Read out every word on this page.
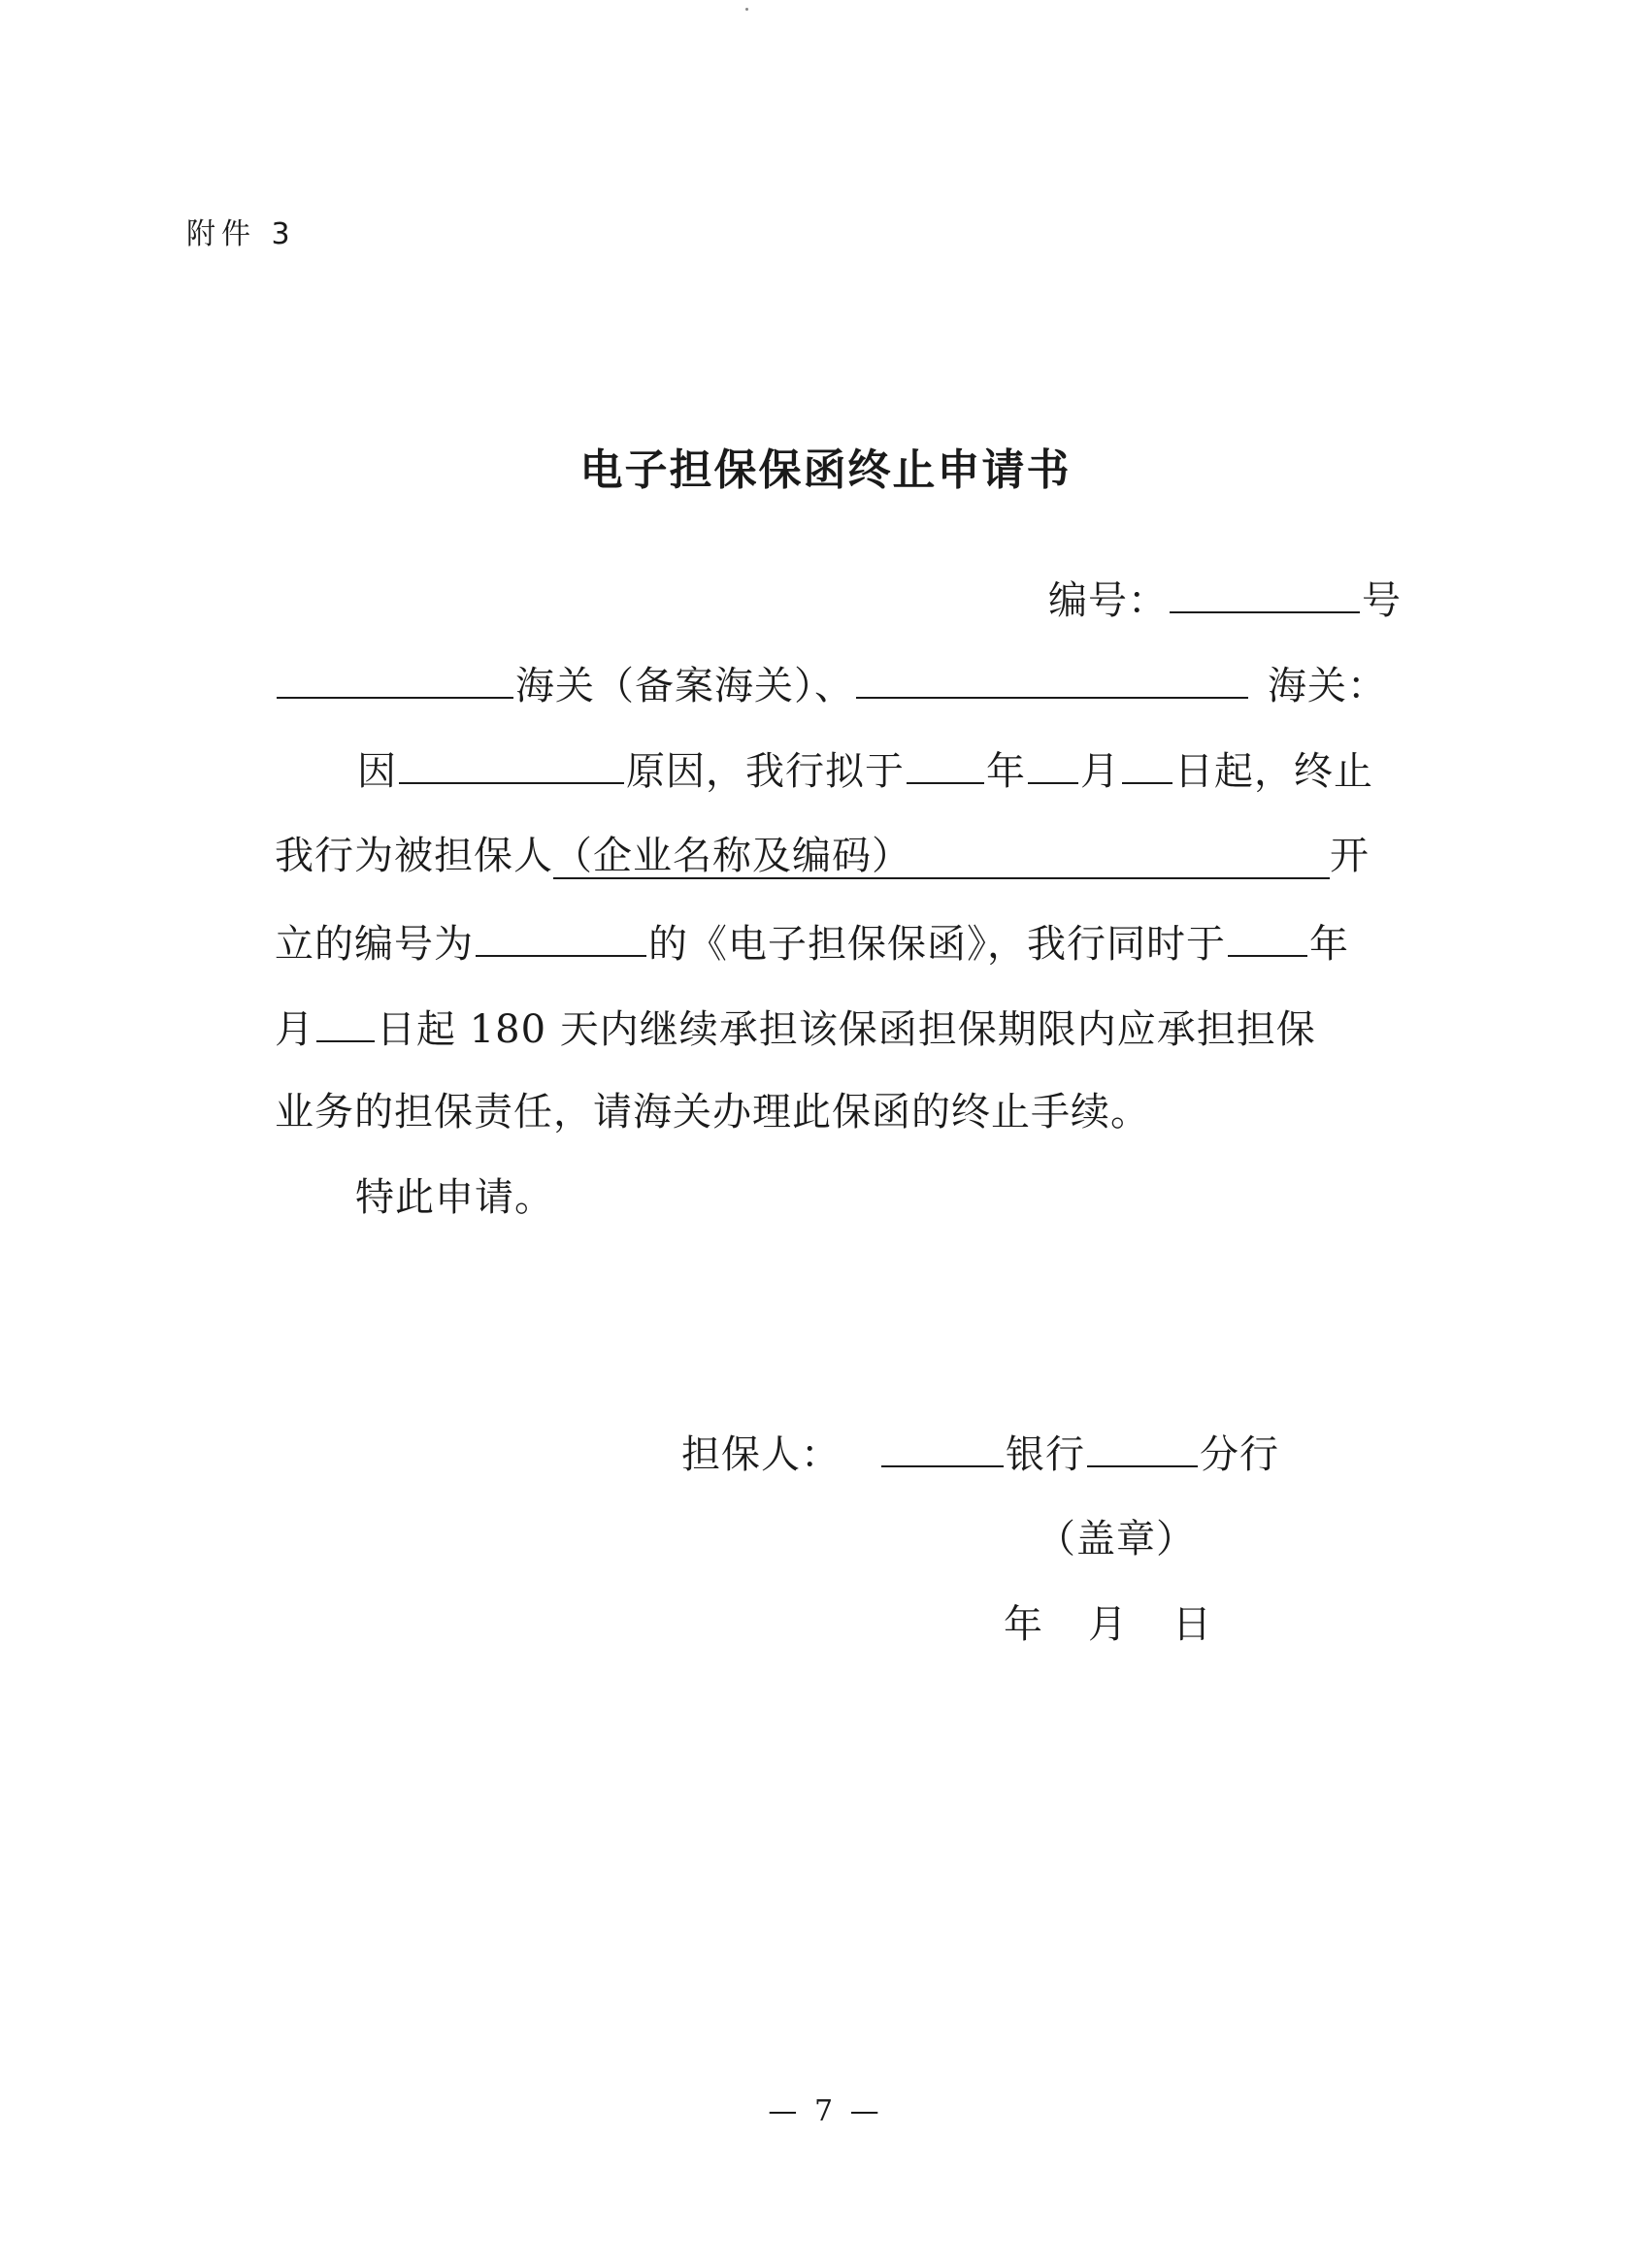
附件 3
电子担保保函终止申请书
编号：	号
海关（备案海关）、	海关：
因	原因，我行拟于 年 月 日起，终止
我行为被担保人（企业名称及编码）	开
立的编号为	的《电子担保保函》，我行同时于 年
月 日起 180 天内继续承担该保函担保期限内应承担担保
业务的担保责任，请海关办理此保函的终止手续。
特此申请。
担保人：	银行	分行
（盖章）
年 月 日
— 7 —
